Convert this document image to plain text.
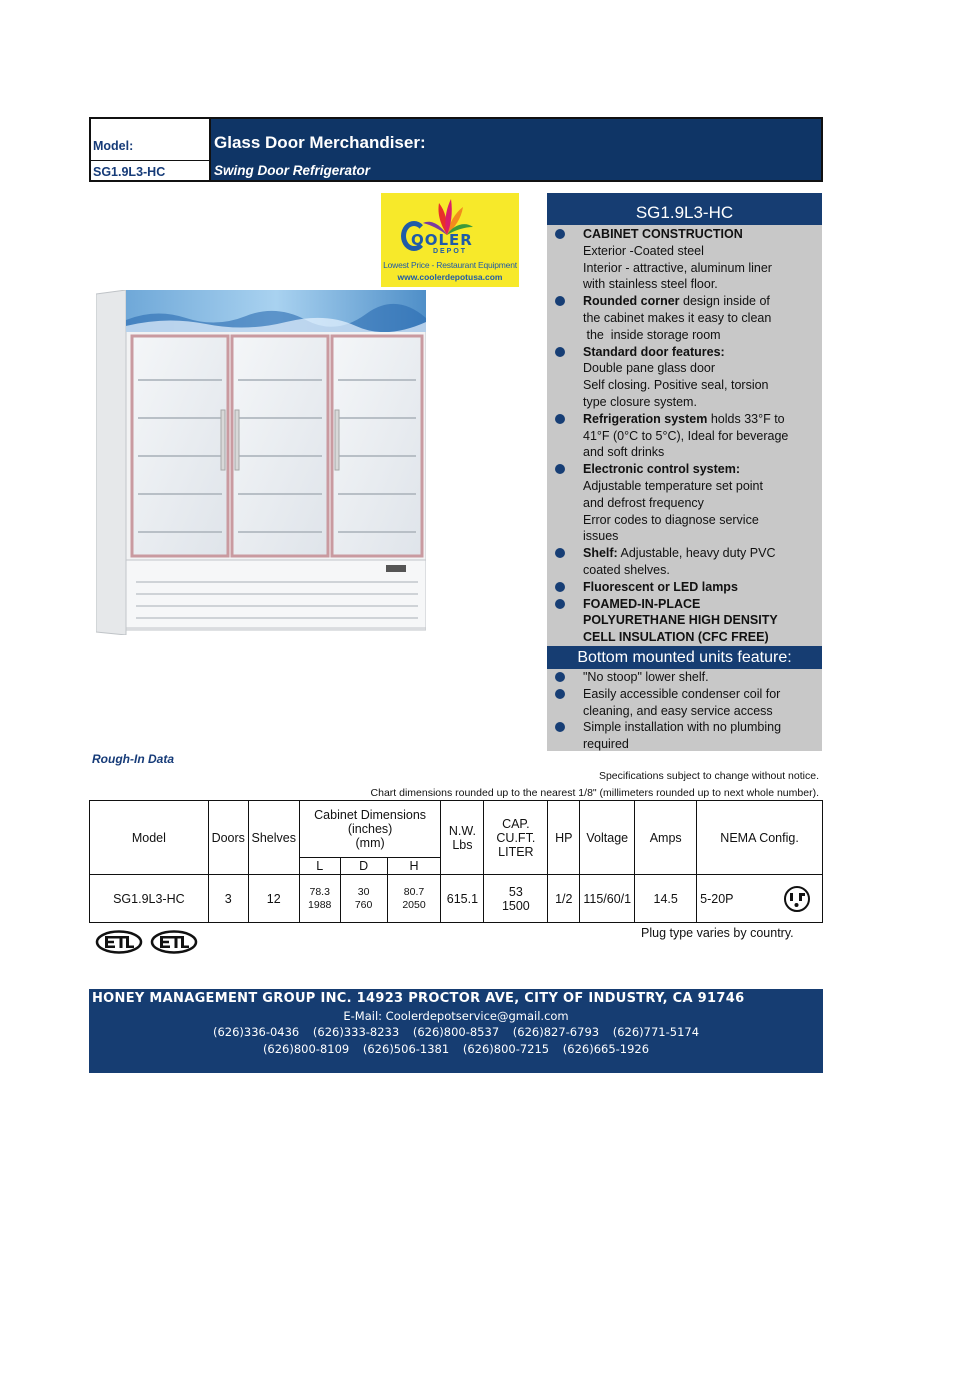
Model:
SG1.9L3-HC
Glass Door Merchandiser:
Swing Door Refrigerator
OOLER
DEPOT
Lowest Price - Restaurant Equipment
www.coolerdepotusa.com
SG1.9L3-HC
CABINET CONSTRUCTION
Exterior -Coated steel
Interior - attractive, aluminum liner
with stainless steel floor.
Rounded corner design inside of
the cabinet makes it easy to clean
the  inside storage room
Standard door features:
Double pane glass door
Self closing. Positive seal, torsion
type closure system.
Refrigeration system holds 33°F to
41°F (0°C to 5°C), Ideal for beverage
and soft drinks
Electronic control system:
Adjustable temperature set point
and defrost frequency
Error codes to diagnose service
issues
Shelf: Adjustable, heavy duty PVC
coated shelves.
Fluorescent or LED lamps
FOAMED-IN-PLACE
POLYURETHANE HIGH DENSITY
CELL INSULATION (CFC FREE)
Bottom mounted units feature:
"No stoop" lower shelf.
Easily accessible condenser coil for
cleaning, and easy service access
Simple installation with no plumbing
required
Rough-In Data
Specifications subject to change without notice.
Chart dimensions rounded up to the nearest 1/8" (millimeters rounded up to next whole number).
Model	Doors	Shelves	Cabinet Dimensions
(inches)
(mm)			N.W.
Lbs	CAP.
CU.FT.
LITER	HP	Voltage	Amps	NEMA Config.
			L	D	H						
SG1.9L3-HC	3	12	78.3
1988	30
760	80.7
2050	615.1	53
1500	1/2	115/60/1	14.5	5-20P
Plug type varies by country.
HONEY MANAGEMENT GROUP INC. 14923 PROCTOR AVE, CITY OF INDUSTRY, CA 91746
E-Mail: Coolerdepotservice@gmail.com
(626)336-0436 (626)333-8233 (626)800-8537 (626)827-6793 (626)771-5174
(626)800-8109 (626)506-1381 (626)800-7215 (626)665-1926
